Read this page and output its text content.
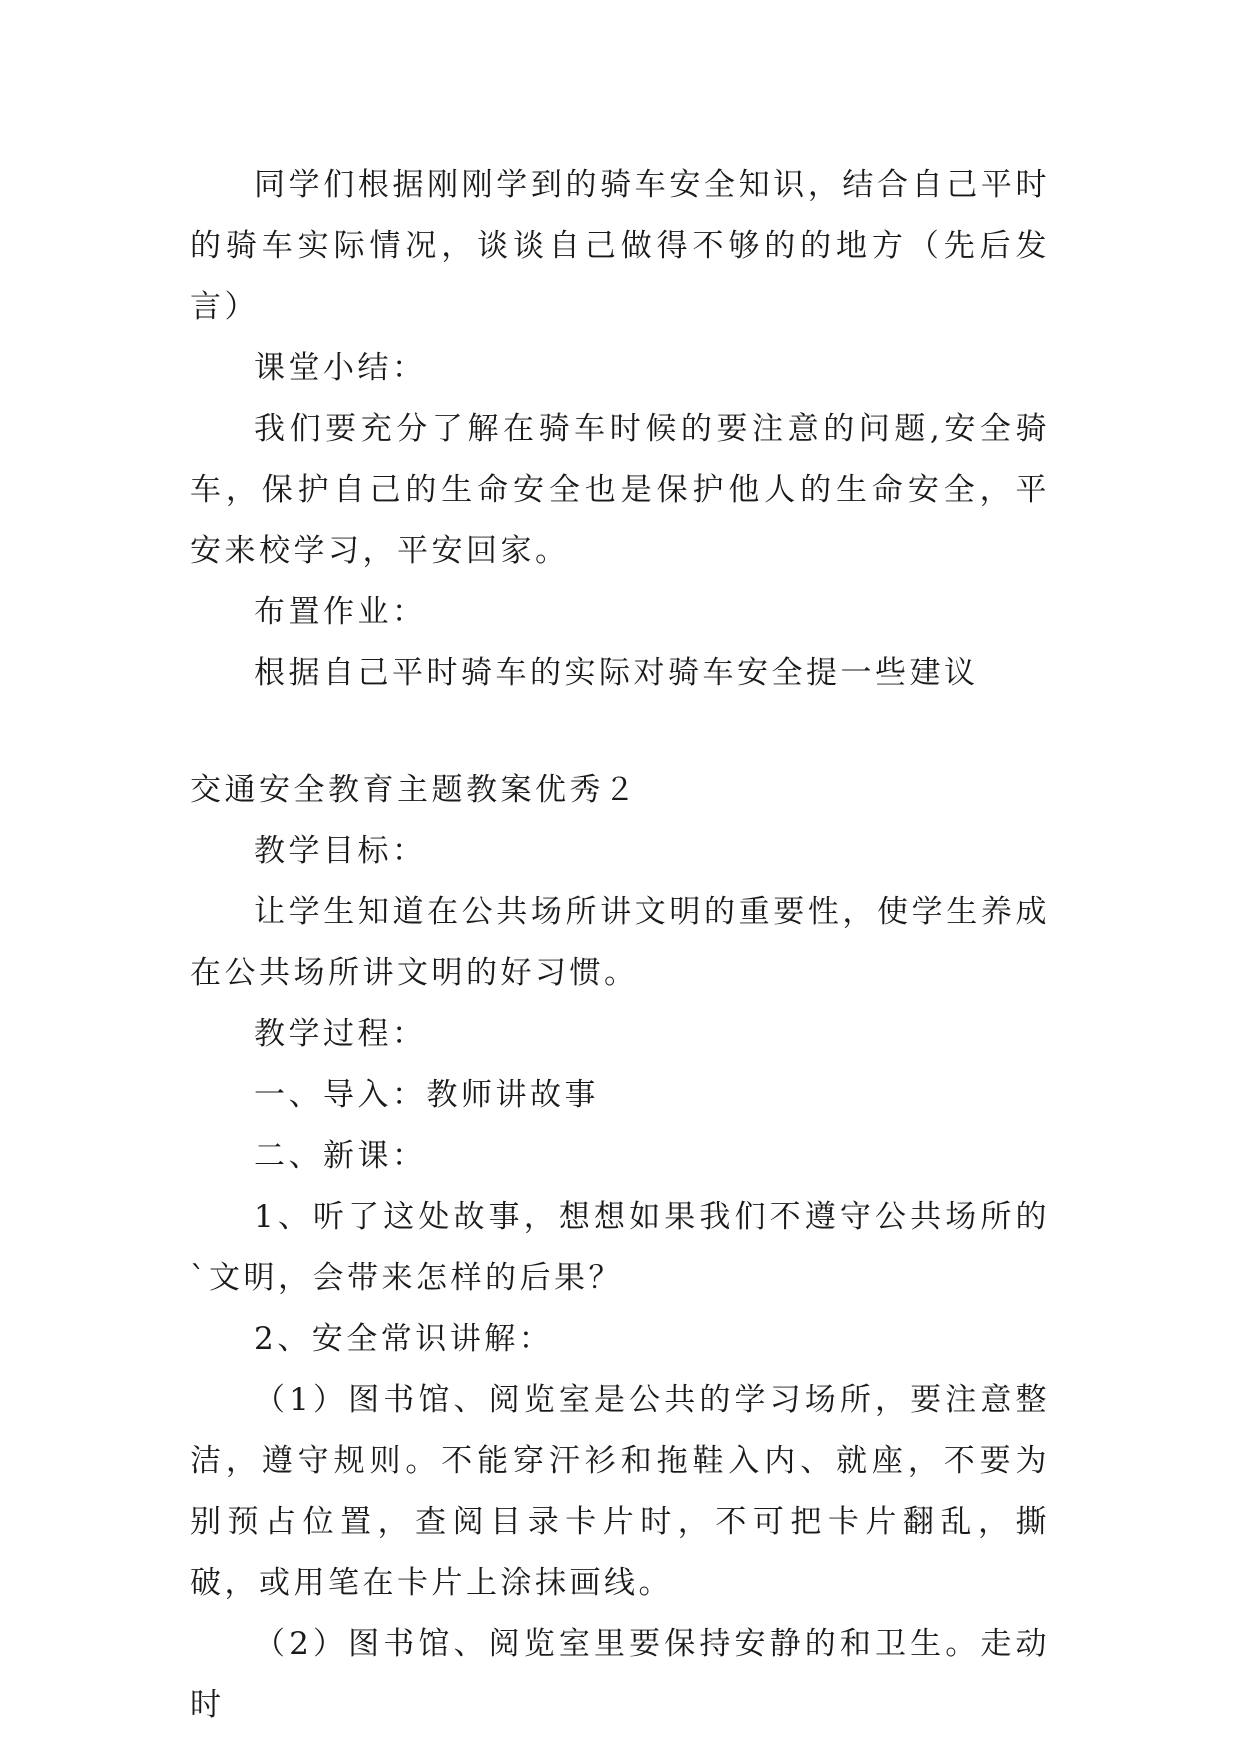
同学们根据刚刚学到的骑车安全知识，结合自己平时的骑车实际情况，谈谈自己做得不够的的地方（先后发言）

课堂小结：

我们要充分了解在骑车时候的要注意的问题,安全骑车，保护自己的生命安全也是保护他人的生命安全，平安来校学习，平安回家。

布置作业：

根据自己平时骑车的实际对骑车安全提一些建议

交通安全教育主题教案优秀２

教学目标：

让学生知道在公共场所讲文明的重要性，使学生养成在公共场所讲文明的好习惯。

教学过程：

一、导入：教师讲故事

二、新课：

1、听了这处故事，想想如果我们不遵守公共场所的`文明，会带来怎样的后果？

2、安全常识讲解：

（1）图书馆、阅览室是公共的学习场所，要注意整洁，遵守规则。不能穿汗衫和拖鞋入内、就座，不要为别预占位置，查阅目录卡片时，不可把卡片翻乱，撕破，或用笔在卡片上涂抹画线。

（2）图书馆、阅览室里要保持安静的和卫生。走动时
